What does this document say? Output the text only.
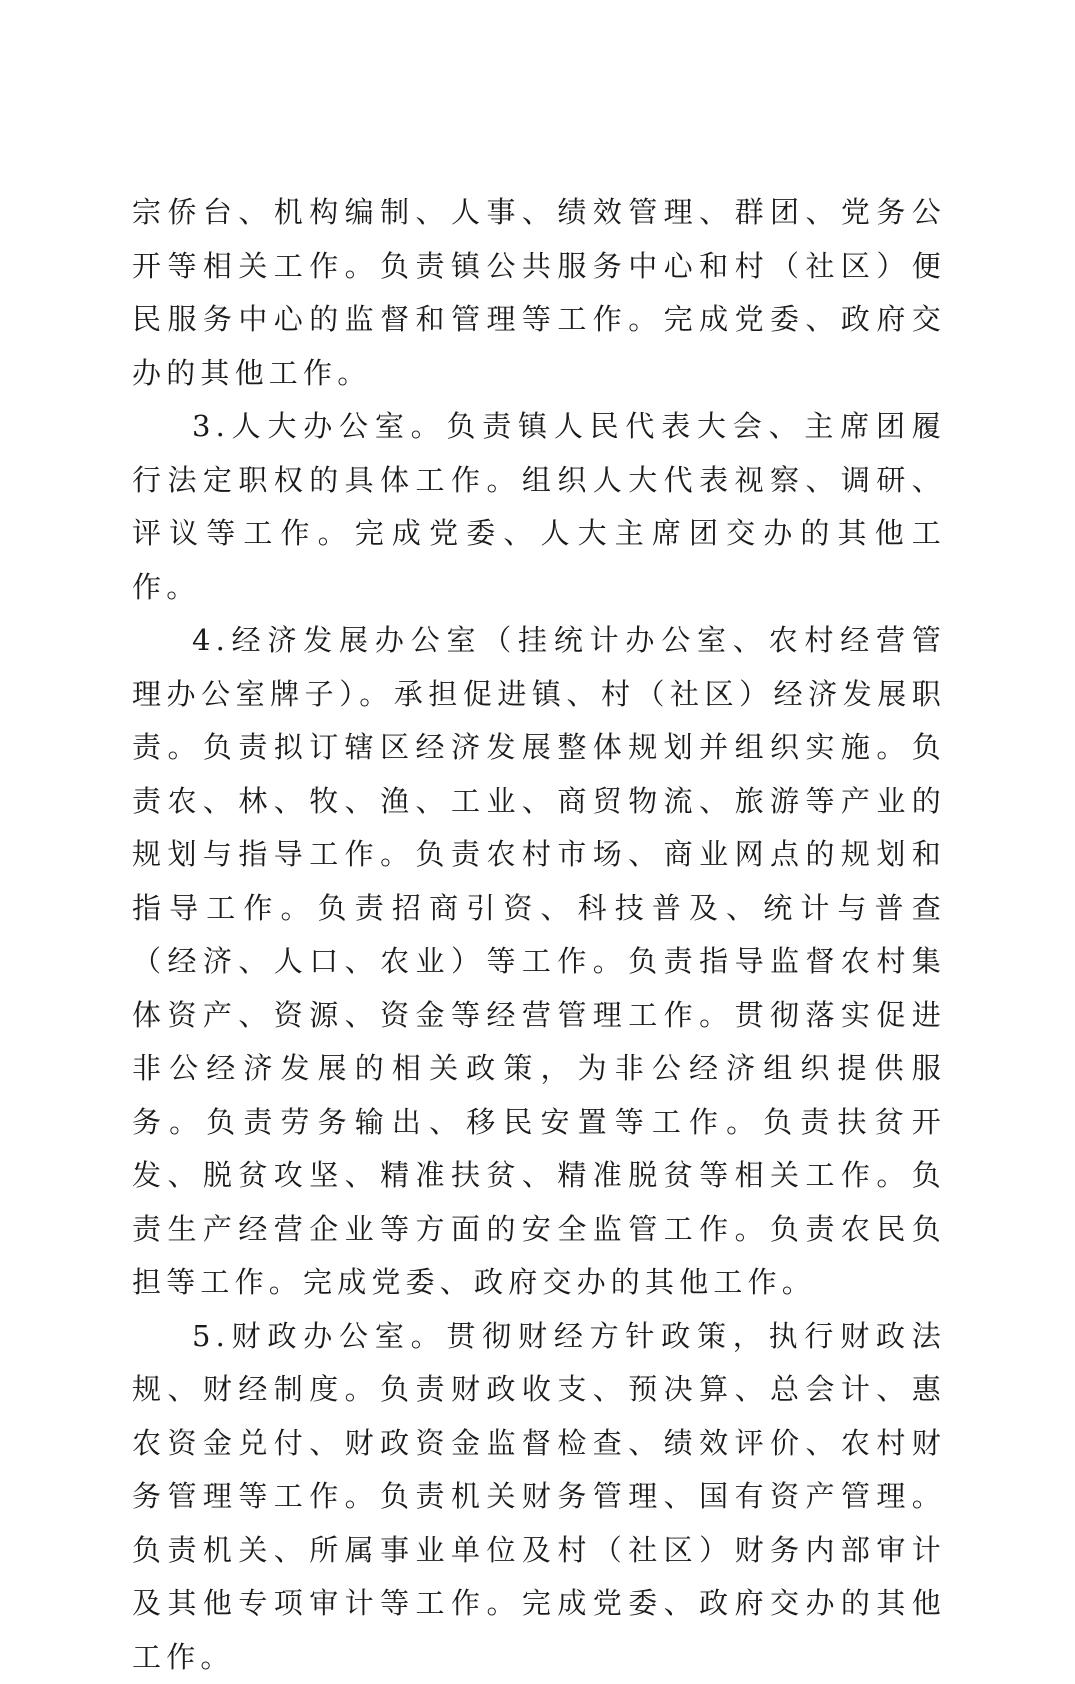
宗侨台、机构编制、人事、绩效管理、群团、党务公开等相关工作。负责镇公共服务中心和村（社区）便民服务中心的监督和管理等工作。完成党委、政府交办的其他工作。

3.人大办公室。负责镇人民代表大会、主席团履行法定职权的具体工作。组织人大代表视察、调研、评议等工作。完成党委、人大主席团交办的其他工作。

4.经济发展办公室（挂统计办公室、农村经营管理办公室牌子）。承担促进镇、村（社区）经济发展职责。负责拟订辖区经济发展整体规划并组织实施。负责农、林、牧、渔、工业、商贸物流、旅游等产业的规划与指导工作。负责农村市场、商业网点的规划和指导工作。负责招商引资、科技普及、统计与普查（经济、人口、农业）等工作。负责指导监督农村集体资产、资源、资金等经营管理工作。贯彻落实促进非公经济发展的相关政策，为非公经济组织提供服务。负责劳务输出、移民安置等工作。负责扶贫开发、脱贫攻坚、精准扶贫、精准脱贫等相关工作。负责生产经营企业等方面的安全监管工作。负责农民负担等工作。完成党委、政府交办的其他工作。

5.财政办公室。贯彻财经方针政策，执行财政法规、财经制度。负责财政收支、预决算、总会计、惠农资金兑付、财政资金监督检查、绩效评价、农村财务管理等工作。负责机关财务管理、国有资产管理。负责机关、所属事业单位及村（社区）财务内部审计及其他专项审计等工作。完成党委、政府交办的其他工作。
